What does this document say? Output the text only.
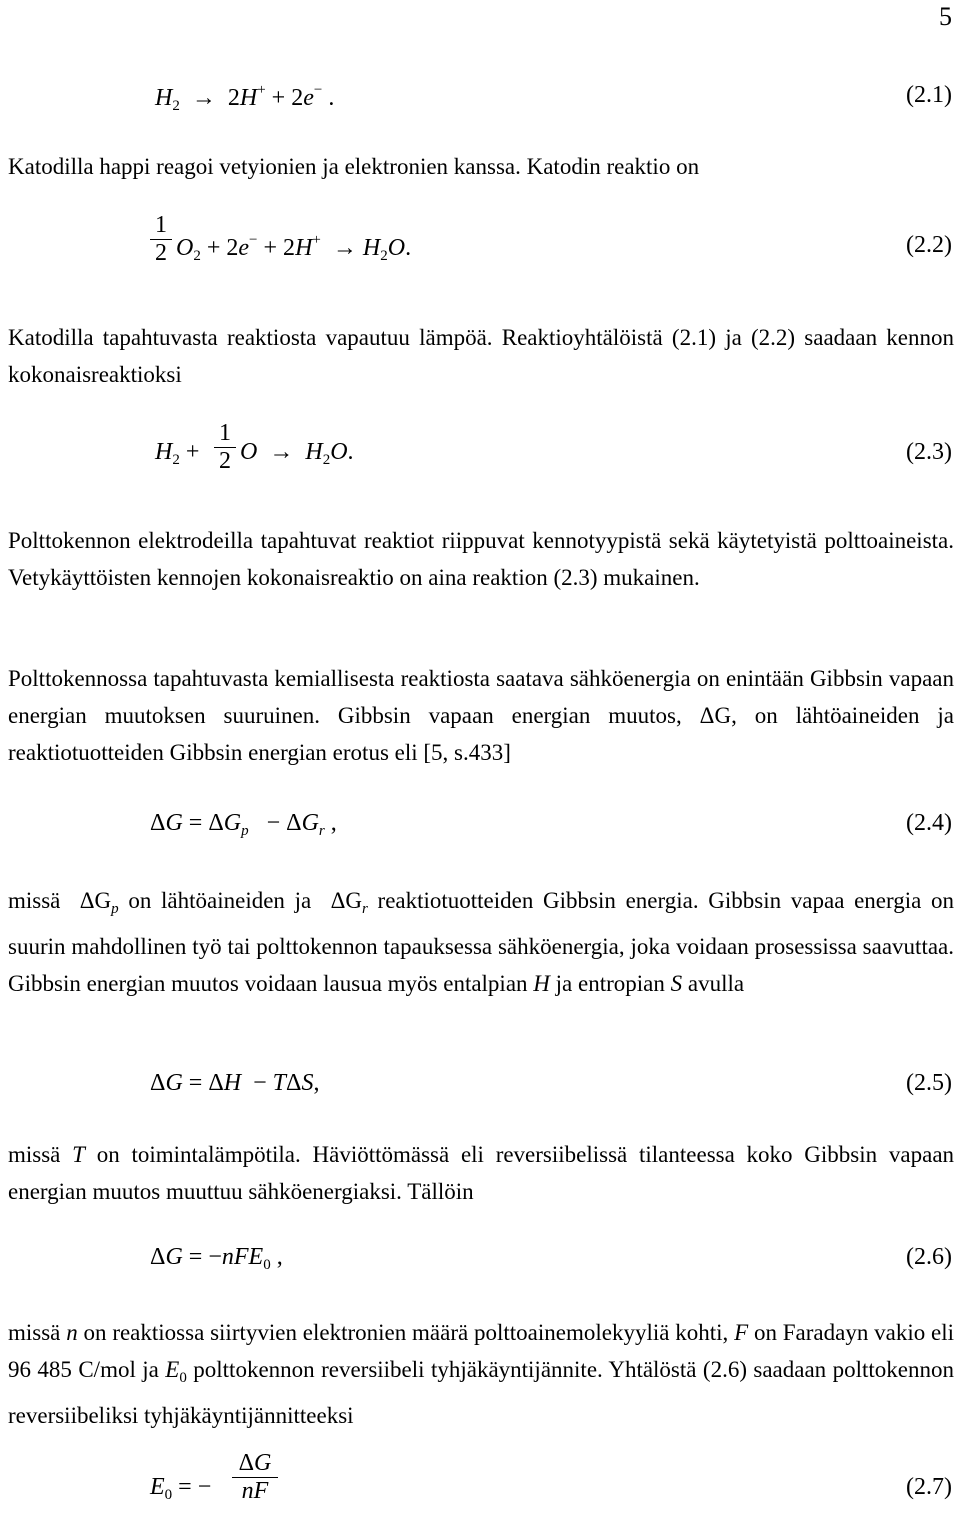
5
$H_2 \to 2H^+ + 2e^-$ .	(2.1)

Katodilla happi reagoi vetyionien ja elektronien kanssa. Katodin reaktio on

1
2 $O_2 + 2e^- + 2H^+ \to H_2O$.	(2.2)

Katodilla tapahtuvasta reaktiosta vapautuu lämpöä. Reaktioyhtälöistä (2.1) ja (2.2) saadaan kennon kokonaisreaktioksi

$H_2$ +
1
2 $O \to H_2O$.	(2.3)

Polttokennon elektrodeilla tapahtuvat reaktiot riippuvat kennotyypistä sekä käytetyistä polttoaineista. Vetykäyttöisten kennojen kokonaisreaktio on aina reaktion (2.3) mukainen.

Polttokennossa tapahtuvasta kemiallisesta reaktiosta saatava sähköenergia on enintään Gibbsin vapaan energian muutoksen suuruinen. Gibbsin vapaan energian muutos, ΔG, on lähtöaineiden ja reaktiotuotteiden Gibbsin energian erotus eli [5, s.433]

$\Delta G = \Delta G_p - \Delta G_r$ ,	(2.4)

missä $\Delta G_p$ on lähtöaineiden ja $\Delta G_r$ reaktiotuotteiden Gibbsin energia. Gibbsin vapaa energia on suurin mahdollinen työ tai polttokennon tapauksessa sähköenergia, joka voidaan prosessissa saavuttaa. Gibbsin energian muutos voidaan lausua myös entalpian H ja entropian S avulla

ΔG = ΔH  − TΔS,	(2.5)

missä T on toimintalämpötila. Häviöttömässä eli reversiibelissä tilanteessa koko Gibbsin vapaan energian muutos muuttuu sähköenergiaksi. Tällöin

ΔG = −nFE$_0$ ,	(2.6)

missä n on reaktiossa siirtyvien elektronien määrä polttoainemolekyyliä kohti, F on Faradayn vakio eli 96 485 C/mol ja $E_0$ polttokennon reversiibeli tyhjäkäyntijännite. Yhtälöstä (2.6) saadaan polttokennon reversiibeliksi tyhjäkäyntijännitteeksi

$E_0$ = −
ΔG
nF	(2.7)
